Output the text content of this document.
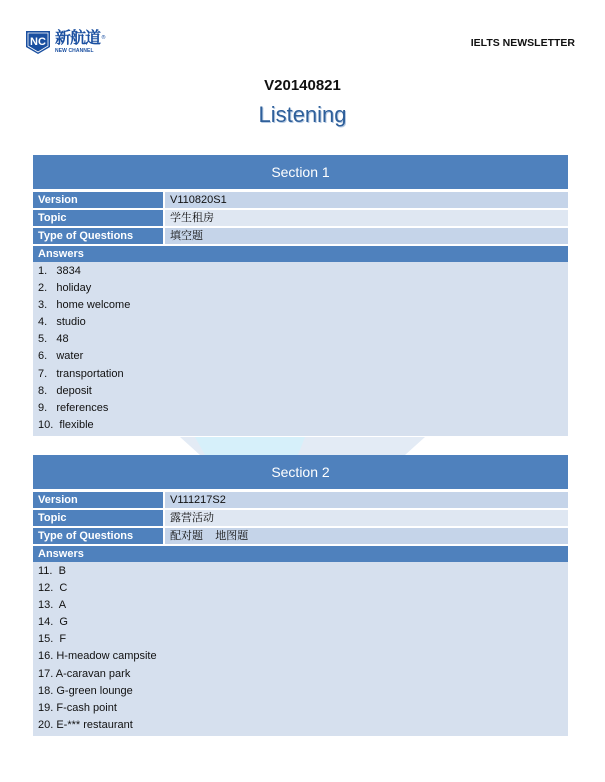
NC 新航道®
NEW CHANNEL
IELTS NEWSLETTER
V20140821
Listening
Section 1
Version	V110820S1
Topic	学生租房
Type of Questions	填空题
Answers
1.   3834
2.   holiday
3.   home welcome
4.   studio
5.   48
6.   water
7.   transportation
8.   deposit
9.   references
10.  flexible
Section 2
Version	V111217S2
Topic	露营活动
Type of Questions	配对题    地图题
Answers
11.  B
12.  C
13.  A
14.  G
15.  F
16. H-meadow campsite
17. A-caravan park
18. G-green lounge
19. F-cash point
20. E-*** restaurant
